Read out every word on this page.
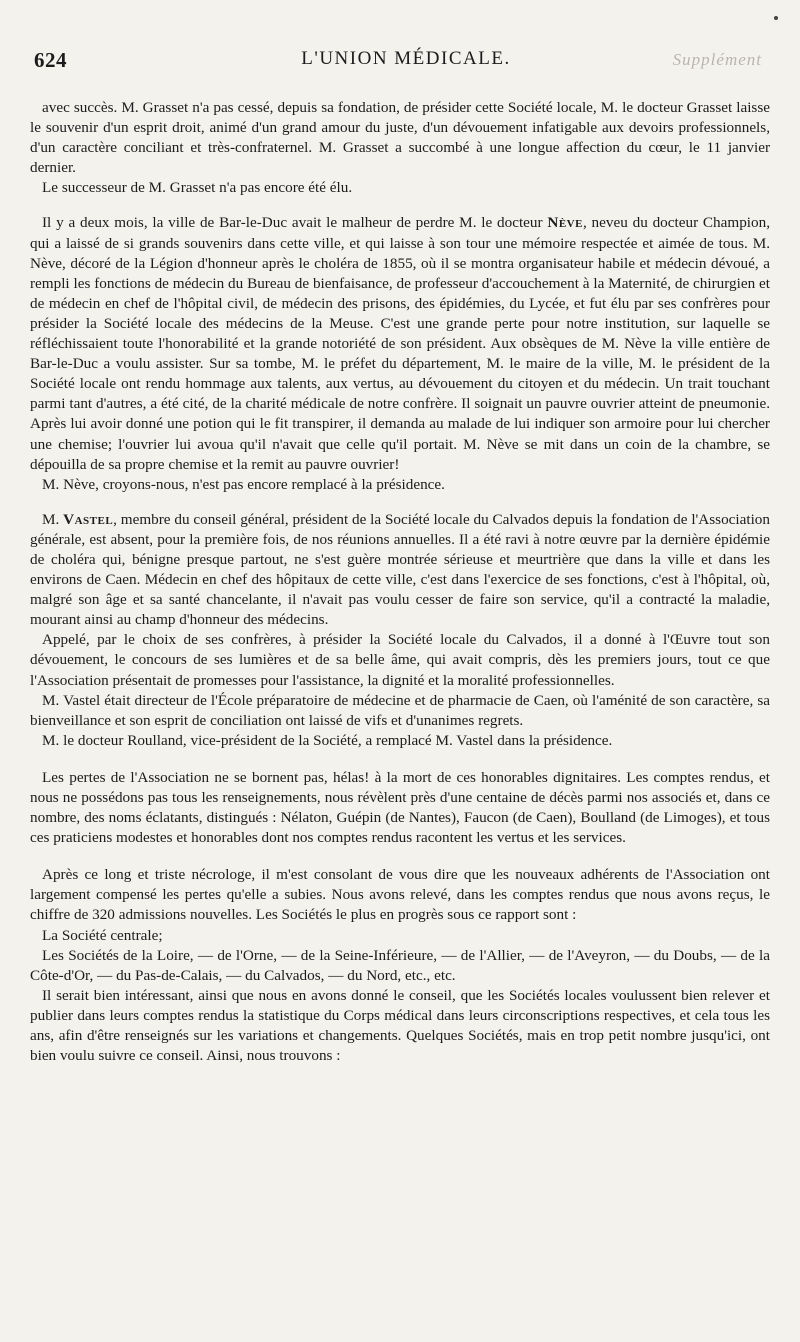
624	L'UNION MÉDICALE.	Supplément

avec succès. M. Grasset n'a pas cessé, depuis sa fondation, de présider cette Société locale, M. le docteur Grasset laisse le souvenir d'un esprit droit, animé d'un grand amour du juste, d'un dévouement infatigable aux devoirs professionnels, d'un caractère conciliant et très-confraternel. M. Grasset a succombé à une longue affection du cœur, le 11 janvier dernier.

Le successeur de M. Grasset n'a pas encore été élu.

Il y a deux mois, la ville de Bar-le-Duc avait le malheur de perdre M. le docteur Nève, neveu du docteur Champion, qui a laissé de si grands souvenirs dans cette ville, et qui laisse à son tour une mémoire respectée et aimée de tous. M. Nève, décoré de la Légion d'honneur après le choléra de 1855, où il se montra organisateur habile et médecin dévoué, a rempli les fonctions de médecin du Bureau de bienfaisance, de professeur d'accouchement à la Maternité, de chirurgien et de médecin en chef de l'hôpital civil, de médecin des prisons, des épidémies, du Lycée, et fut élu par ses confrères pour présider la Société locale des médecins de la Meuse. C'est une grande perte pour notre institution, sur laquelle se réfléchissaient toute l'honorabilité et la grande notoriété de son président. Aux obsèques de M. Nève la ville entière de Bar-le-Duc a voulu assister. Sur sa tombe, M. le préfet du département, M. le maire de la ville, M. le président de la Société locale ont rendu hommage aux talents, aux vertus, au dévouement du citoyen et du médecin. Un trait touchant parmi tant d'autres, a été cité, de la charité médicale de notre confrère. Il soignait un pauvre ouvrier atteint de pneumonie. Après lui avoir donné une potion qui le fit transpirer, il demanda au malade de lui indiquer son armoire pour lui chercher une chemise; l'ouvrier lui avoua qu'il n'avait que celle qu'il portait. M. Nève se mit dans un coin de la chambre, se dépouilla de sa propre chemise et la remit au pauvre ouvrier!

M. Nève, croyons-nous, n'est pas encore remplacé à la présidence.

M. Vastel, membre du conseil général, président de la Société locale du Calvados depuis la fondation de l'Association générale, est absent, pour la première fois, de nos réunions annuelles. Il a été ravi à notre œuvre par la dernière épidémie de choléra qui, bénigne presque partout, ne s'est guère montrée sérieuse et meurtrière que dans la ville et dans les environs de Caen. Médecin en chef des hôpitaux de cette ville, c'est dans l'exercice de ses fonctions, c'est à l'hôpital, où, malgré son âge et sa santé chancelante, il n'avait pas voulu cesser de faire son service, qu'il a contracté la maladie, mourant ainsi au champ d'honneur des médecins.

Appelé, par le choix de ses confrères, à présider la Société locale du Calvados, il a donné à l'Œuvre tout son dévouement, le concours de ses lumières et de sa belle âme, qui avait compris, dès les premiers jours, tout ce que l'Association présentait de promesses pour l'assistance, la dignité et la moralité professionnelles.

M. Vastel était directeur de l'École préparatoire de médecine et de pharmacie de Caen, où l'aménité de son caractère, sa bienveillance et son esprit de conciliation ont laissé de vifs et d'unanimes regrets.

M. le docteur Roulland, vice-président de la Société, a remplacé M. Vastel dans la présidence.

Les pertes de l'Association ne se bornent pas, hélas! à la mort de ces honorables dignitaires. Les comptes rendus, et nous ne possédons pas tous les renseignements, nous révèlent près d'une centaine de décès parmi nos associés et, dans ce nombre, des noms éclatants, distingués : Nélaton, Guépin (de Nantes), Faucon (de Caen), Boulland (de Limoges), et tous ces praticiens modestes et honorables dont nos comptes rendus racontent les vertus et les services.

Après ce long et triste nécrologe, il m'est consolant de vous dire que les nouveaux adhérents de l'Association ont largement compensé les pertes qu'elle a subies. Nous avons relevé, dans les comptes rendus que nous avons reçus, le chiffre de 320 admissions nouvelles. Les Sociétés le plus en progrès sous ce rapport sont :

La Société centrale;

Les Sociétés de la Loire, — de l'Orne, — de la Seine-Inférieure, — de l'Allier, — de l'Aveyron, — du Doubs, — de la Côte-d'Or, — du Pas-de-Calais, — du Calvados, — du Nord, etc., etc.

Il serait bien intéressant, ainsi que nous en avons donné le conseil, que les Sociétés locales voulussent bien relever et publier dans leurs comptes rendus la statistique du Corps médical dans leurs circonscriptions respectives, et cela tous les ans, afin d'être renseignés sur les variations et changements. Quelques Sociétés, mais en trop petit nombre jusqu'ici, ont bien voulu suivre ce conseil. Ainsi, nous trouvons :
